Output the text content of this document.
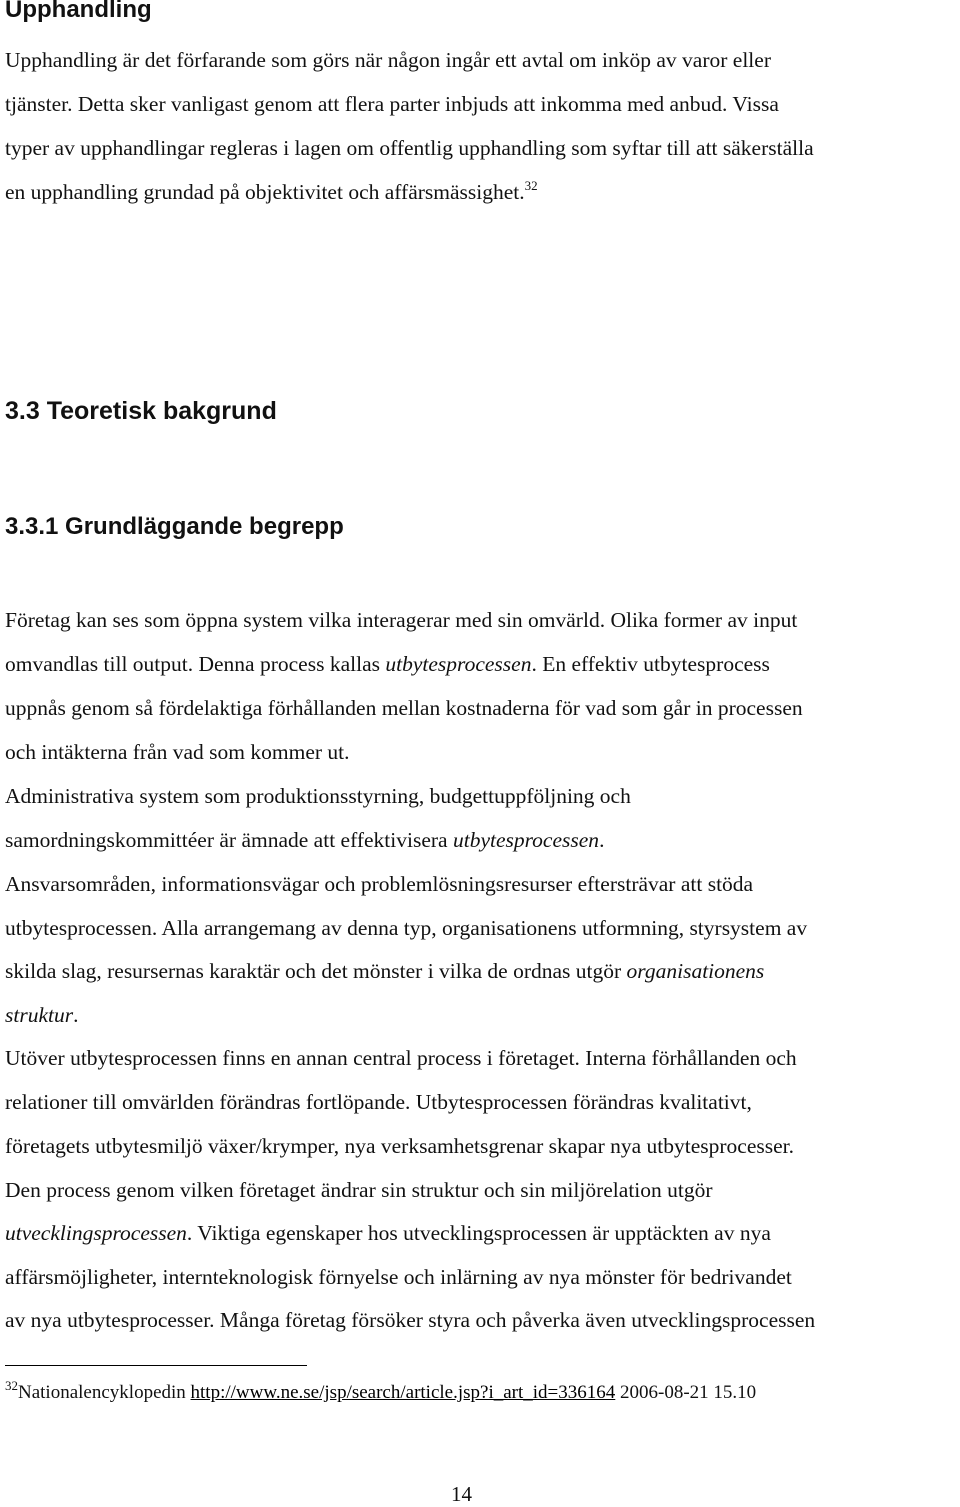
Upphandling
Upphandling är det förfarande som görs när någon ingår ett avtal om inköp av varor eller
tjänster. Detta sker vanligast genom att flera parter inbjuds att inkomma med anbud. Vissa
typer av upphandlingar regleras i lagen om offentlig upphandling som syftar till att säkerställa
en upphandling grundad på objektivitet och affärsmässighet.$^{32}$
3.3 Teoretisk bakgrund
3.3.1 Grundläggande begrepp
Företag kan ses som öppna system vilka interagerar med sin omvärld. Olika former av input
omvandlas till output. Denna process kallas utbytesprocessen. En effektiv utbytesprocess
uppnås genom så fördelaktiga förhållanden mellan kostnaderna för vad som går in processen
och intäkterna från vad som kommer ut.
Administrativa system som produktionsstyrning, budgettuppföljning och
samordningskommittéer är ämnade att effektivisera utbytesprocessen.
Ansvarsområden, informationsvägar och problemlösningsresurser eftersträvar att stöda
utbytesprocessen. Alla arrangemang av denna typ, organisationens utformning, styrsystem av
skilda slag, resursernas karaktär och det mönster i vilka de ordnas utgör organisationens
struktur.
Utöver utbytesprocessen finns en annan central process i företaget. Interna förhållanden och
relationer till omvärlden förändras fortlöpande. Utbytesprocessen förändras kvalitativt,
företagets utbytesmiljö växer/krymper, nya verksamhetsgrenar skapar nya utbytesprocesser.
Den process genom vilken företaget ändrar sin struktur och sin miljörelation utgör
utvecklingsprocessen. Viktiga egenskaper hos utvecklingsprocessen är upptäckten av nya
affärsmöjligheter, internteknologisk förnyelse och inlärning av nya mönster för bedrivandet
av nya utbytesprocesser. Många företag försöker styra och påverka även utvecklingsprocessen
$^{32}$Nationalencyklopedin http://www.ne.se/jsp/search/article.jsp?i_art_id=336164 2006-08-21 15.10
14
